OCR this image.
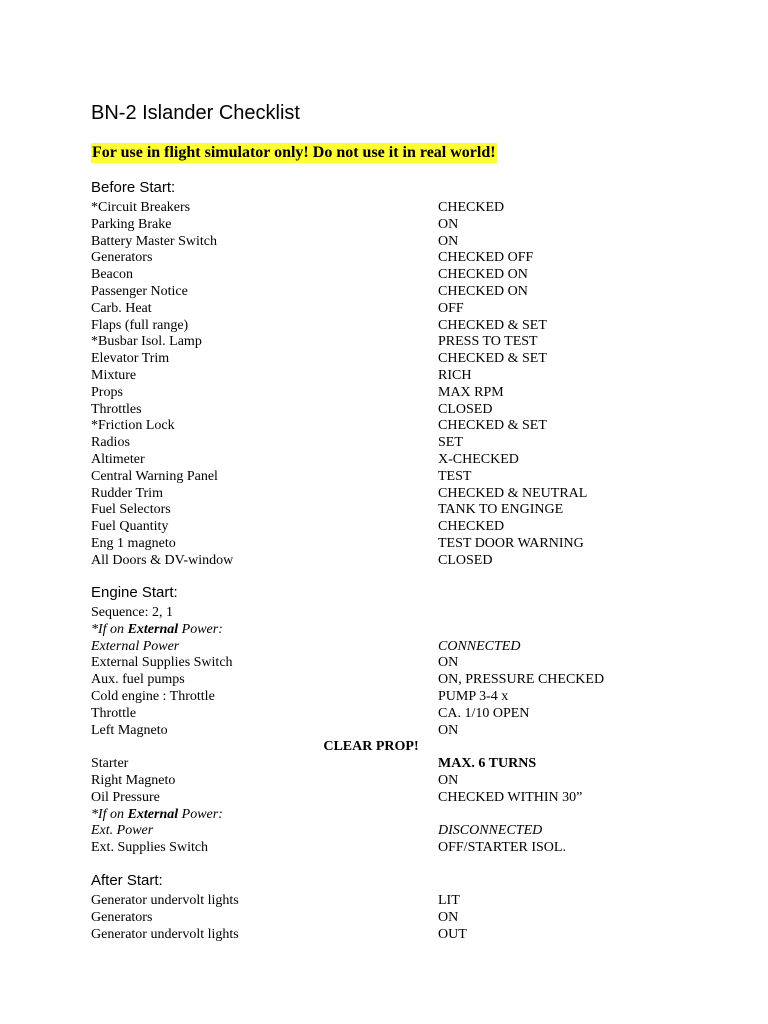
BN-2 Islander Checklist
For use in flight simulator only! Do not use it in real world!
Before Start:
*Circuit Breakers	CHECKED
Parking Brake	ON
Battery Master Switch	ON
Generators	CHECKED OFF
Beacon	CHECKED ON
Passenger Notice	CHECKED ON
Carb. Heat	OFF
Flaps (full range)	CHECKED & SET
*Busbar Isol. Lamp	PRESS TO TEST
Elevator Trim	CHECKED & SET
Mixture	RICH
Props	MAX RPM
Throttles	CLOSED
*Friction Lock	CHECKED & SET
Radios	SET
Altimeter	X-CHECKED
Central Warning Panel	TEST
Rudder Trim	CHECKED & NEUTRAL
Fuel Selectors	TANK TO ENGINGE
Fuel Quantity	CHECKED
Eng 1 magneto	TEST DOOR WARNING
All Doors & DV-window	CLOSED
Engine Start:
Sequence: 2, 1
*If on External Power:
External Power	CONNECTED
External Supplies Switch	ON
Aux. fuel pumps	ON, PRESSURE CHECKED
Cold engine : Throttle	PUMP 3-4 x
Throttle	CA. 1/10 OPEN
Left Magneto	ON
CLEAR PROP!
Starter	MAX. 6 TURNS
Right Magneto	ON
Oil Pressure	CHECKED WITHIN 30”
*If on External Power:
Ext. Power	DISCONNECTED
Ext. Supplies Switch	OFF/STARTER ISOL.
After Start:
Generator undervolt lights	LIT
Generators	ON
Generator undervolt lights	OUT
